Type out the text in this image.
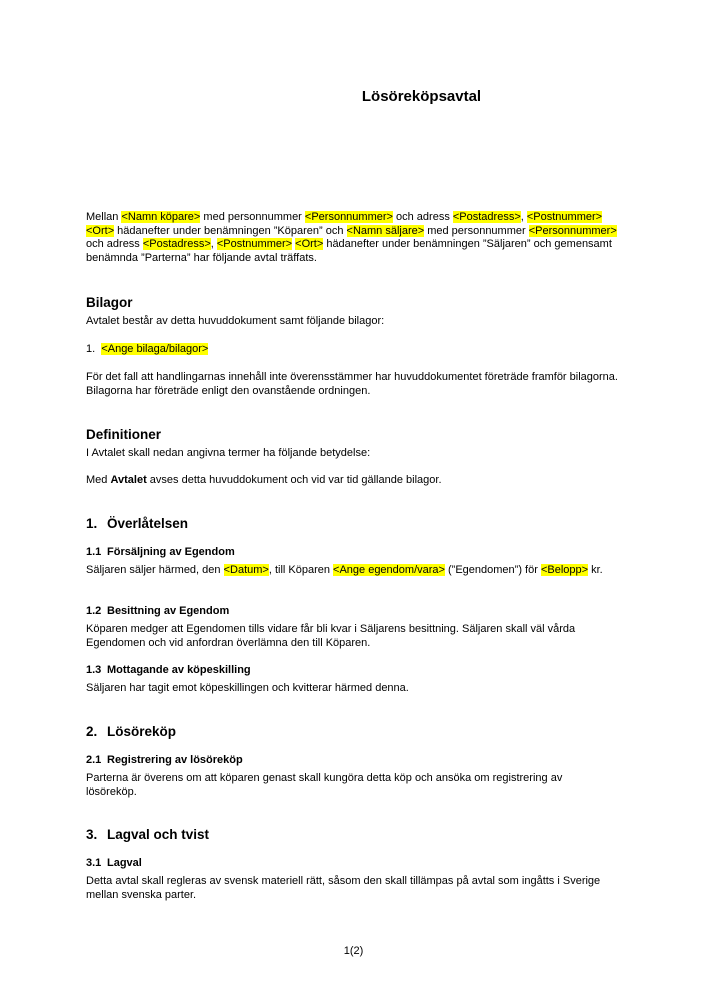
Lösöreköpsavtal
Mellan <Namn köpare> med personnummer <Personnummer> och adress <Postadress>, <Postnummer> <Ort> hädanefter under benämningen ”Köparen” och <Namn säljare> med personnummer <Personnummer> och adress <Postadress>, <Postnummer> <Ort> hädanefter under benämningen ”Säljaren” och gemensamt benämnda ”Parterna” har följande avtal träffats.
Bilagor
Avtalet består av detta huvuddokument samt följande bilagor:
1. <Ange bilaga/bilagor>
För det fall att handlingarnas innehåll inte överensstämmer har huvuddokumentet företräde framför bilagorna. Bilagorna har företräde enligt den ovanstående ordningen.
Definitioner
I Avtalet skall nedan angivna termer ha följande betydelse:
Med Avtalet avses detta huvuddokument och vid var tid gällande bilagor.
1. Överlåtelsen
1.1 Försäljning av Egendom
Säljaren säljer härmed, den <Datum>, till Köparen <Ange egendom/vara> (”Egendomen”) för <Belopp> kr.
1.2 Besittning av Egendom
Köparen medger att Egendomen tills vidare får bli kvar i Säljarens besittning. Säljaren skall väl vårda Egendomen och vid anfordran överlämna den till Köparen.
1.3 Mottagande av köpeskilling
Säljaren har tagit emot köpeskillingen och kvitterar härmed denna.
2. Lösöreköp
2.1 Registrering av lösöreköp
Parterna är överens om att köparen genast skall kungöra detta köp och ansöka om registrering av lösöreköp.
3. Lagval och tvist
3.1 Lagval
Detta avtal skall regleras av svensk materiell rätt, såsom den skall tillämpas på avtal som ingåtts i Sverige mellan svenska parter.
1(2)
